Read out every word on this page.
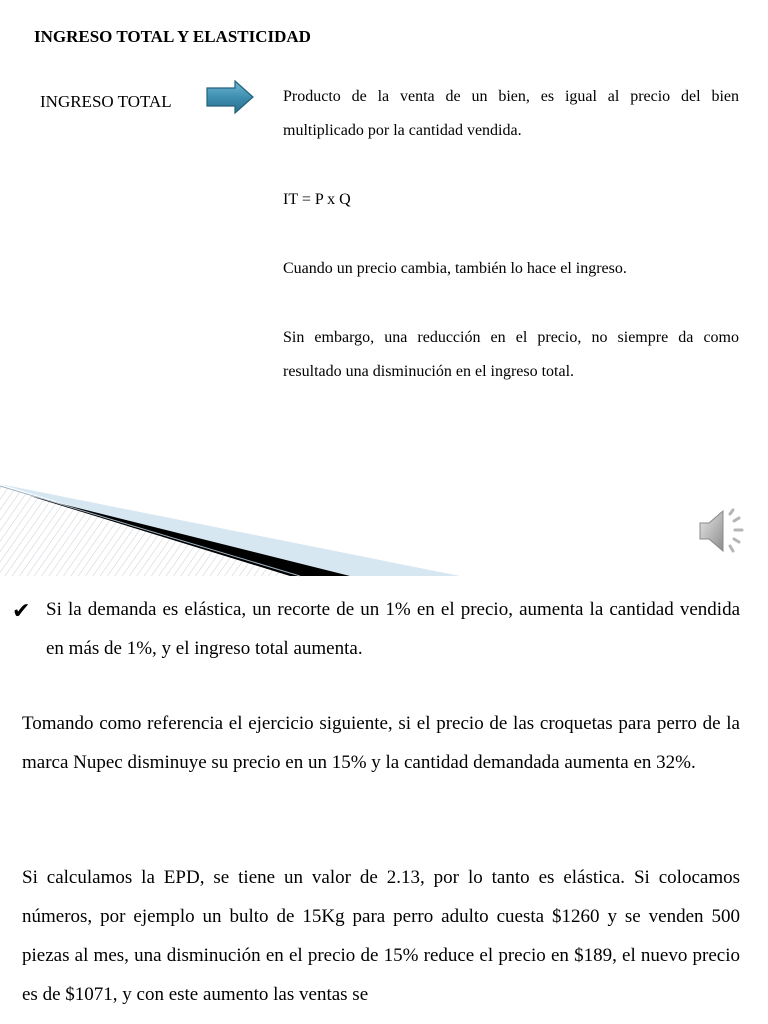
INGRESO TOTAL Y ELASTICIDAD
INGRESO TOTAL	Producto de la venta de un bien, es igual al precio del bien multiplicado por la cantidad vendida.
IT = P x Q
Cuando un precio cambia, también lo hace el ingreso.
Sin embargo, una reducción en el precio, no siempre da como resultado una disminución en el ingreso total.
✔ Si la demanda es elástica, un recorte de un 1% en el precio, aumenta la cantidad vendida en más de 1%, y el ingreso total aumenta.
Tomando como referencia el ejercicio siguiente, si el precio de las croquetas para perro de la marca Nupec disminuye su precio en un 15% y la cantidad demandada aumenta en 32%.
Si calculamos la EPD, se tiene un valor de 2.13, por lo tanto es elástica. Si colocamos números, por ejemplo un bulto de 15Kg para perro adulto cuesta $1260 y se venden 500 piezas al mes, una disminución en el precio de 15% reduce el precio en $189, el nuevo precio es de $1071, y con este aumento las ventas se
